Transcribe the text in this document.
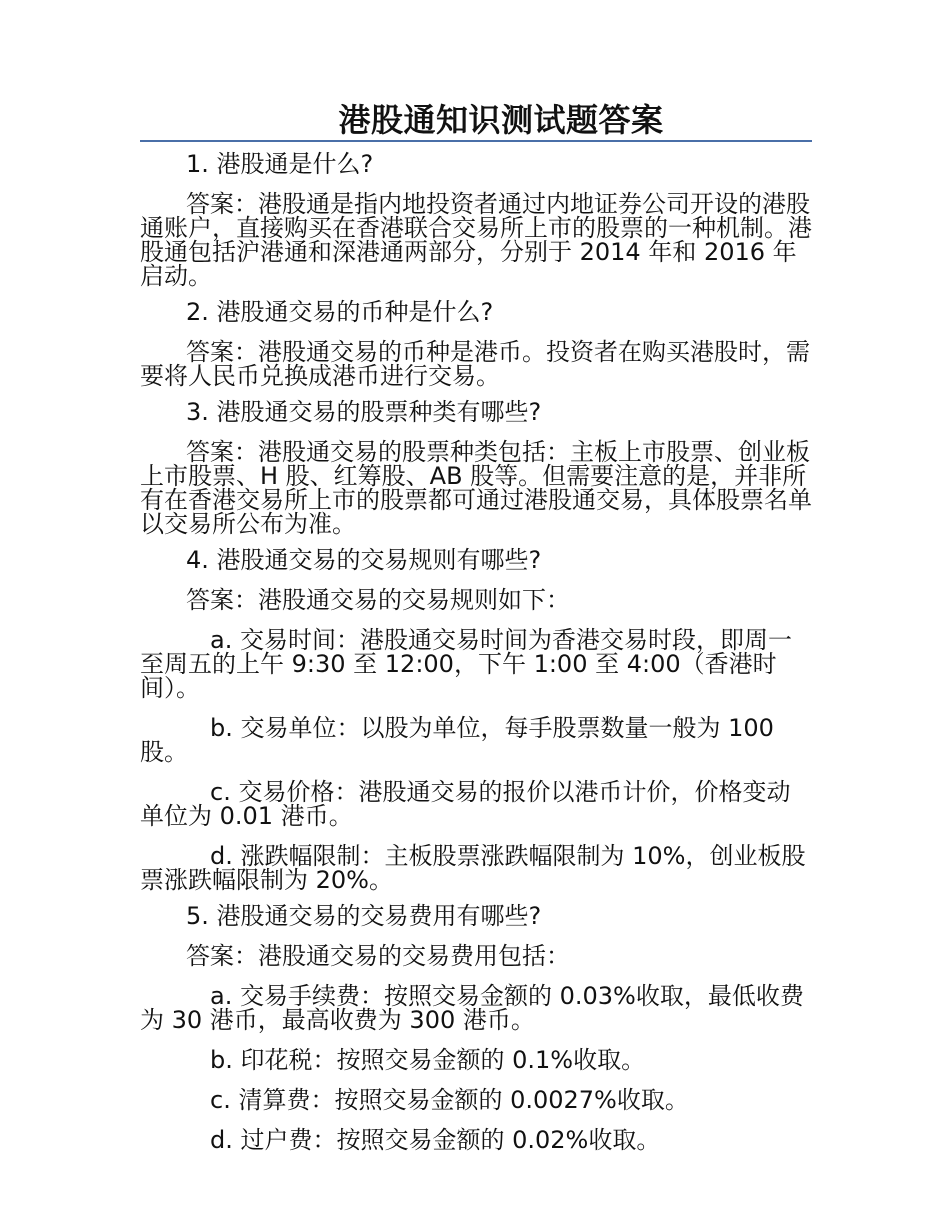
港股通知识测试题答案

1. 港股通是什么?

答案：港股通是指内地投资者通过内地证券公司开设的港股通账户，直接购买在香港联合交易所上市的股票的一种机制。港股通包括沪港通和深港通两部分，分别于 2014 年和 2016 年启动。

2. 港股通交易的币种是什么?

答案：港股通交易的币种是港币。投资者在购买港股时，需要将人民币兑换成港币进行交易。

3. 港股通交易的股票种类有哪些?

答案：港股通交易的股票种类包括：主板上市股票、创业板上市股票、H 股、红筹股、AB 股等。但需要注意的是，并非所有在香港交易所上市的股票都可通过港股通交易，具体股票名单以交易所公布为准。

4. 港股通交易的交易规则有哪些?

答案：港股通交易的交易规则如下：

a. 交易时间：港股通交易时间为香港交易时段，即周一至周五的上午 9:30 至 12:00，下午 1:00 至 4:00（香港时间）。

b. 交易单位：以股为单位，每手股票数量一般为 100 股。

c. 交易价格：港股通交易的报价以港币计价，价格变动单位为 0.01 港币。

d. 涨跌幅限制：主板股票涨跌幅限制为 10%，创业板股票涨跌幅限制为 20%。

5. 港股通交易的交易费用有哪些?

答案：港股通交易的交易费用包括：

a. 交易手续费：按照交易金额的 0.03%收取，最低收费为 30 港币，最高收费为 300 港币。

b. 印花税：按照交易金额的 0.1%收取。

c. 清算费：按照交易金额的 0.0027%收取。

d. 过户费：按照交易金额的 0.02%收取。
